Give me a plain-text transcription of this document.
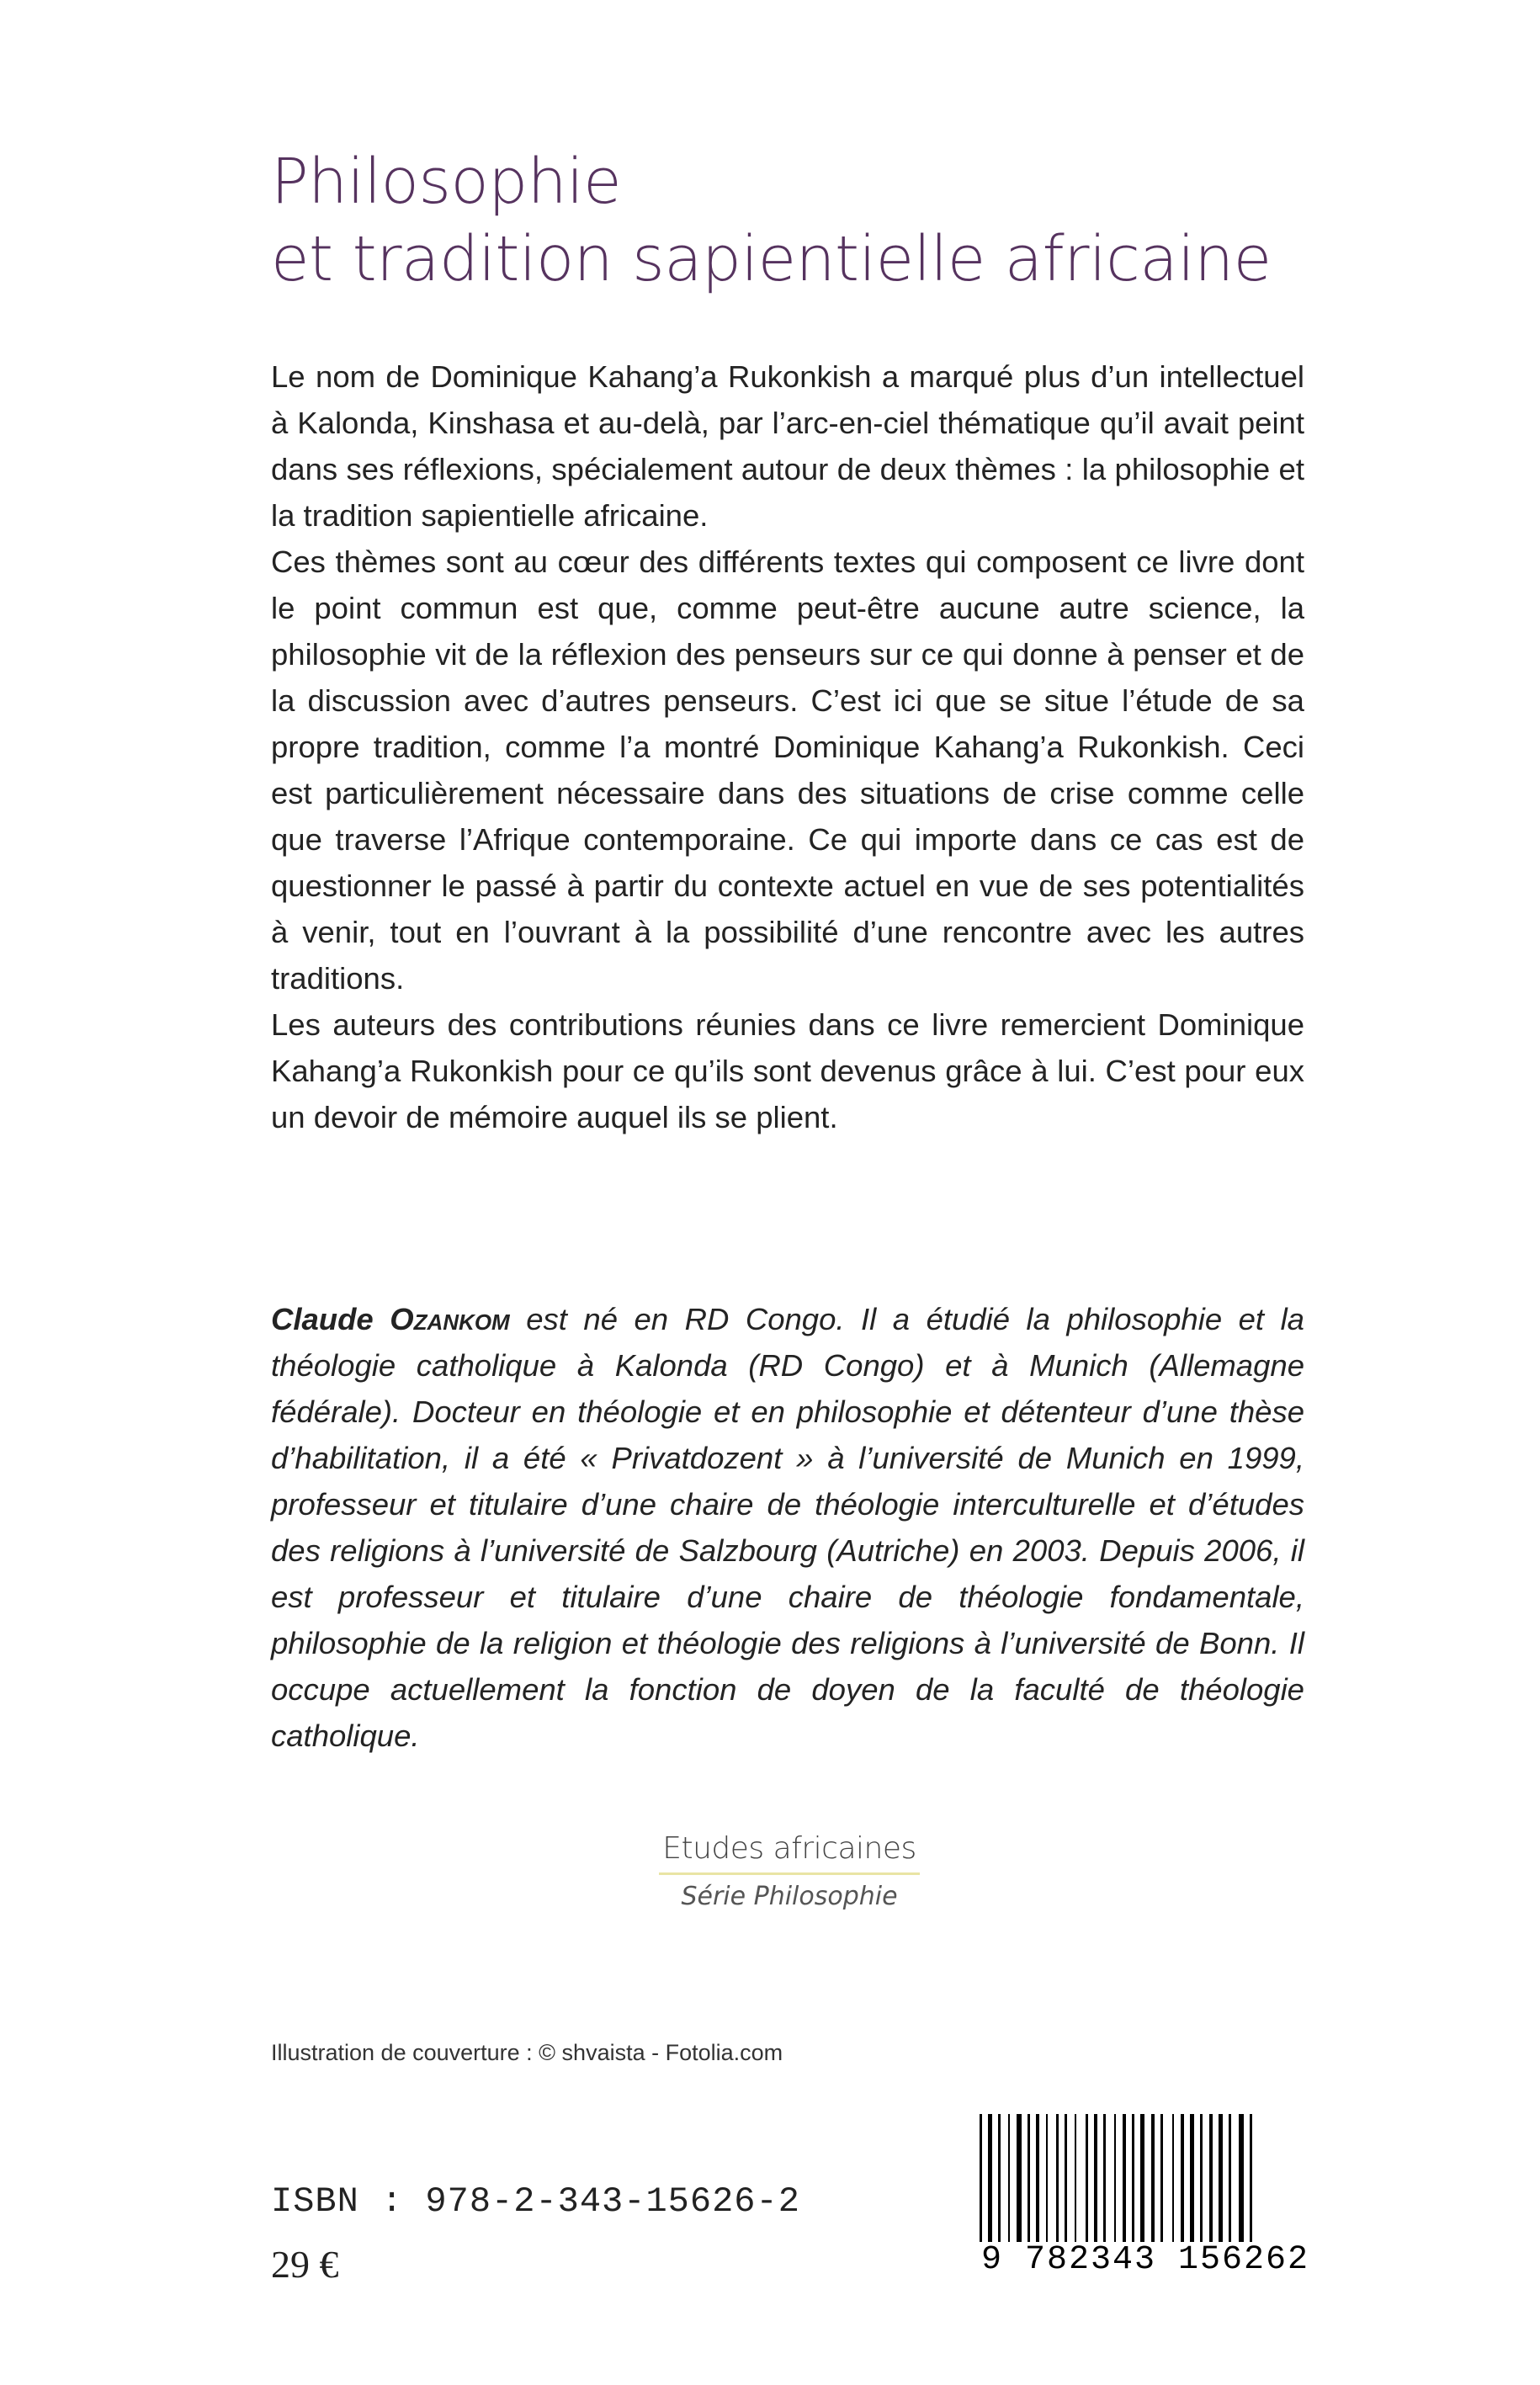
Philosophie
et tradition sapientielle africaine

Le nom de Dominique Kahang’a Rukonkish a marqué plus d’un intellectuel à Kalonda, Kinshasa et au-delà, par l’arc-en-ciel thématique qu’il avait peint dans ses réflexions, spécialement autour de deux thèmes : la philosophie et la tradition sapientielle africaine.

Ces thèmes sont au cœur des différents textes qui composent ce livre dont le point commun est que, comme peut-être aucune autre science, la philosophie vit de la réflexion des penseurs sur ce qui donne à penser et de la discussion avec d’autres penseurs. C’est ici que se situe l’étude de sa propre tradition, comme l’a montré Dominique Kahang’a Rukonkish. Ceci est particulièrement nécessaire dans des situations de crise comme celle que traverse l’Afrique contemporaine. Ce qui importe dans ce cas est de questionner le passé à partir du contexte actuel en vue de ses potentialités à venir, tout en l’ouvrant à la possibilité d’une rencontre avec les autres traditions.

Les auteurs des contributions réunies dans ce livre remercient Dominique Kahang’a Rukonkish pour ce qu’ils sont devenus grâce à lui. C’est pour eux un devoir de mémoire auquel ils se plient.

Claude Ozankom est né en RD Congo. Il a étudié la philosophie et la théologie catholique à Kalonda (RD Congo) et à Munich (Allemagne fédérale). Docteur en théologie et en philosophie et détenteur d’une thèse d’habilitation, il a été « Privatdozent » à l’université de Munich en 1999, professeur et titulaire d’une chaire de théologie interculturelle et d’études des religions à l’université de Salzbourg (Autriche) en 2003. Depuis 2006, il est professeur et titulaire d’une chaire de théologie fondamentale, philosophie de la religion et théologie des religions à l’université de Bonn. Il occupe actuellement la fonction de doyen de la faculté de théologie catholique.
Etudes africaines
Série Philosophie
Illustration de couverture : © shvaista - Fotolia.com
ISBN : 978-2-343-15626-2
29 €	9 782343 156262
